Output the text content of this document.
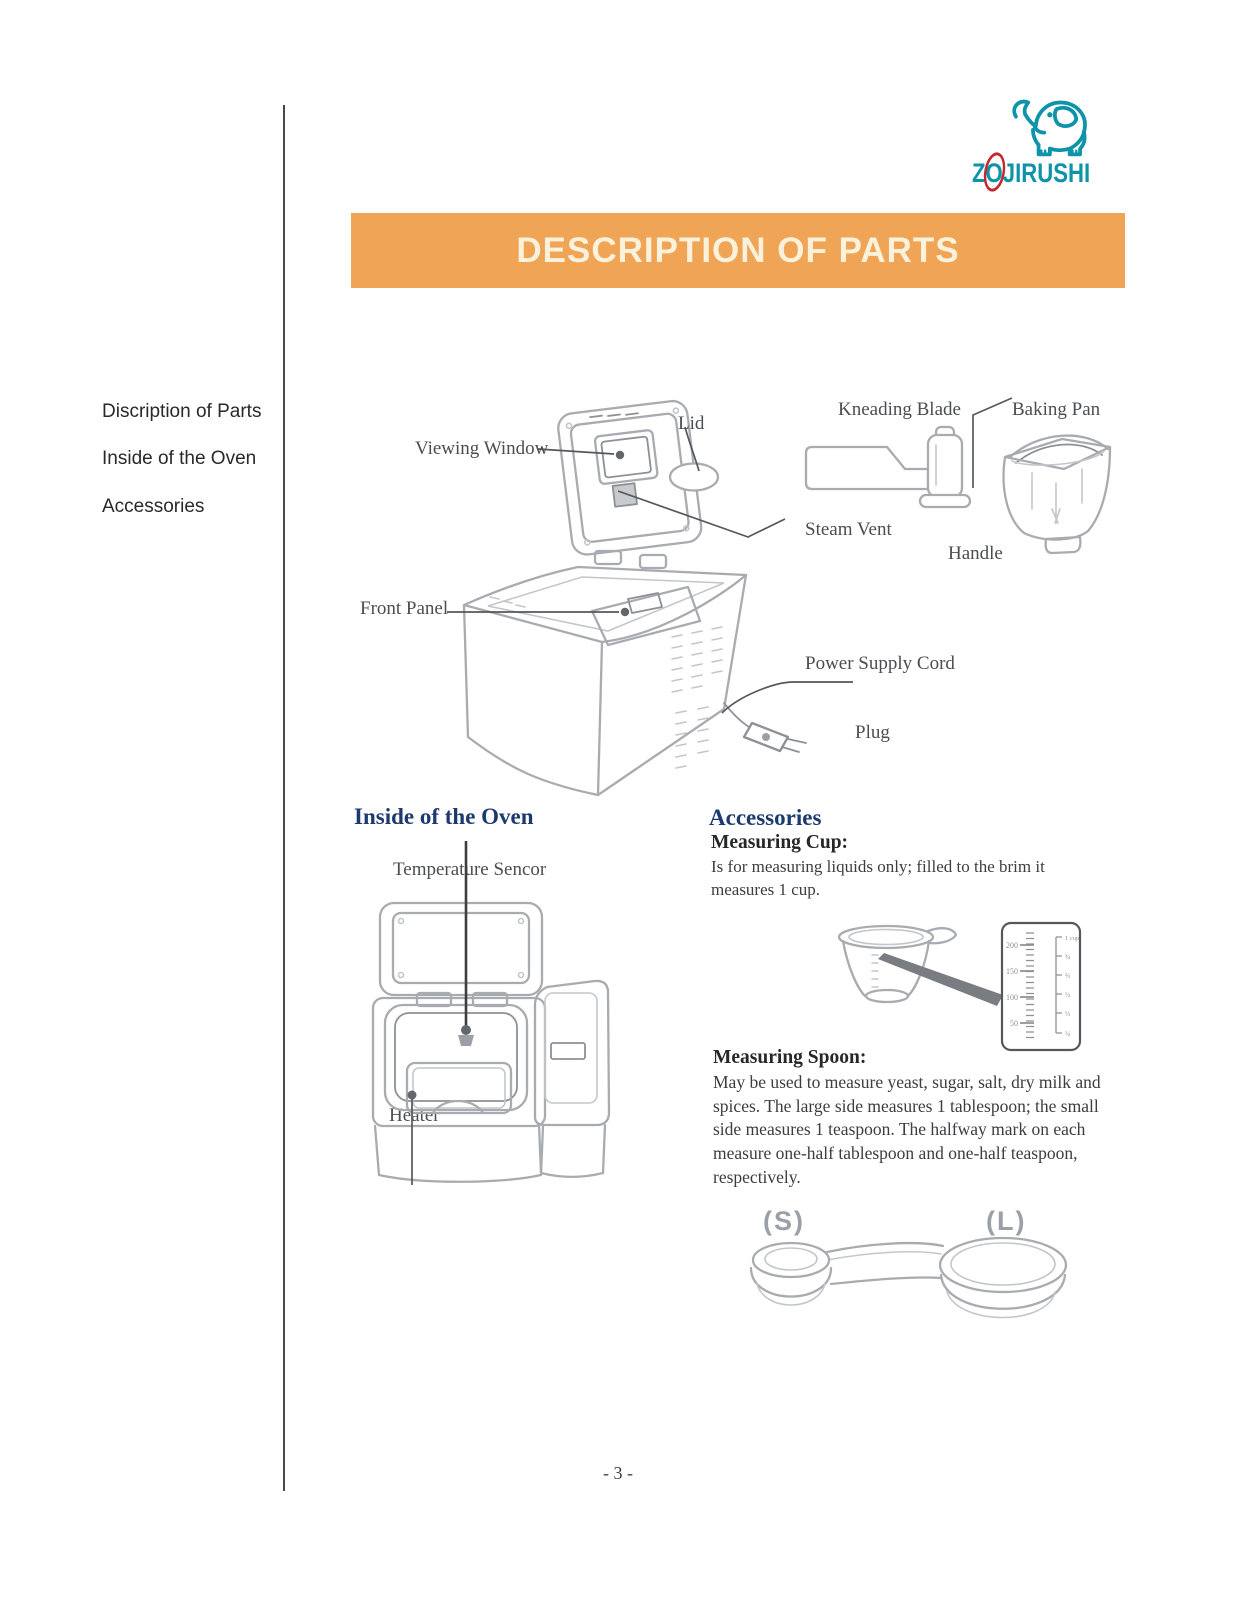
ZO
JIRUSHI
DESCRIPTION OF PARTS
Discription of Parts
Inside of the Oven
Accessories
Lid
Viewing Window
Steam Vent
Front Panel
Power Supply Cord
Plug
Kneading Blade	Baking Pan
Handle
Inside of the Oven
Temperature Sencor
Heater
Accessories
Measuring Cup:
Is for measuring liquids only; filled to the brim it measures 1 cup.
200
150
100
50
1 cup
¾
⅔
½
⅓
¼
Measuring Spoon:
May be used to measure yeast, sugar, salt, dry milk and spices. The large side measures 1 tablespoon; the small side measures 1 teaspoon. The halfway mark on each measure one-half tablespoon and one-half teaspoon, respectively.
(S)	(L)
- 3 -
